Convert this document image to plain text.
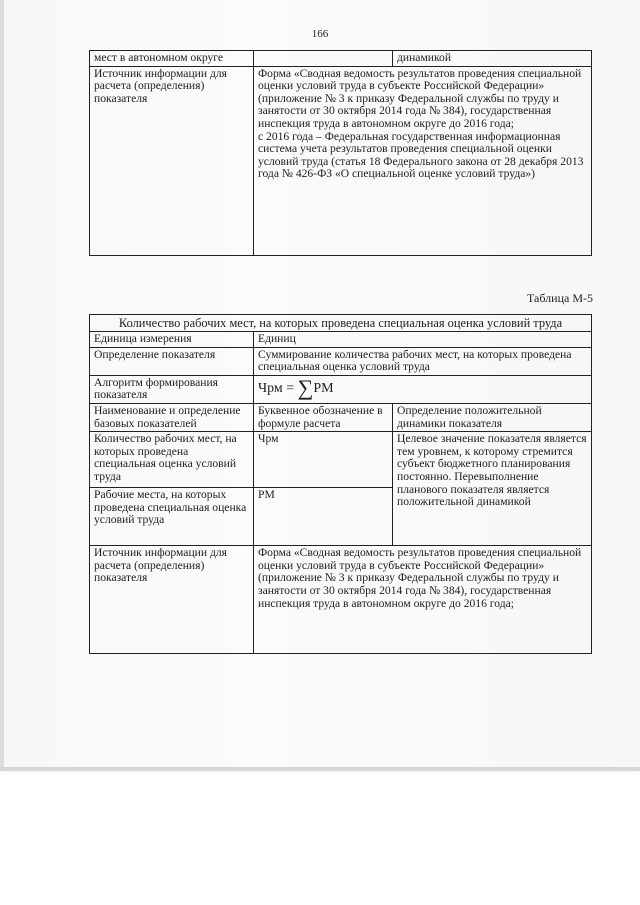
166
мест в автономном округе		динамикой
Источник информации для расчета (определения) показателя	Форма «Сводная ведомость результатов проведения специальной оценки условий труда в субъекте Российской Федерации» (приложение № 3 к приказу Федеральной службы по труду и занятости от 30 октября 2014 года № 384), государственная инспекция труда в автономном округе до 2016 года;
с 2016 года – Федеральная государственная информационная система учета результатов проведения специальной оценки условий труда (статья 18 Федерального закона от 28 декабря 2013 года № 426-ФЗ «О специальной оценке условий труда»)	
Таблица М-5
Количество рабочих мест, на которых проведена специальная оценка условий труда		
Единица измерения	Единиц	
Определение показателя	Суммирование количества рабочих мест, на которых проведена специальная оценка условий труда	
Алгоритм формирования показателя	Чрм = ∑РМ	
Наименование и определение базовых показателей	Буквенное обозначение в формуле расчета	Определение положительной динамики показателя
Количество рабочих мест, на которых проведена специальная оценка условий труда	Чрм	Целевое значение показателя является тем уровнем, к которому стремится субъект бюджетного планирования постоянно. Перевыполнение планового показателя является положительной динамикой
Рабочие места, на которых проведена специальная оценка условий труда	РМ	
Источник информации для расчета (определения) показателя	Форма «Сводная ведомость результатов проведения специальной оценки условий труда в субъекте Российской Федерации» (приложение № 3 к приказу Федеральной службы по труду и занятости от 30 октября 2014 года № 384), государственная инспекция труда в автономном округе до 2016 года;	
